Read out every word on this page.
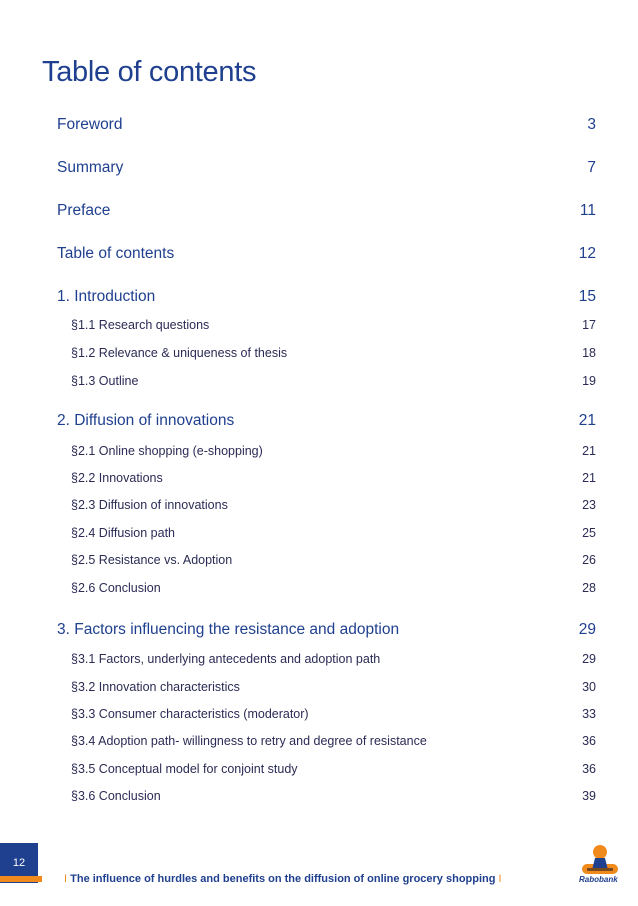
Table of contents
Foreword	3
Summary	7
Preface	11
Table of contents	12
1. Introduction	15
§1.1 Research questions	17
§1.2 Relevance & uniqueness of thesis	18
§1.3 Outline	19
2. Diffusion of innovations	21
§2.1 Online shopping (e-shopping)	21
§2.2 Innovations	21
§2.3 Diffusion of innovations	23
§2.4 Diffusion path	25
§2.5 Resistance vs. Adoption	26
§2.6 Conclusion	28
3. Factors influencing the resistance and adoption	29
§3.1 Factors, underlying antecedents and adoption path	29
§3.2 Innovation characteristics	30
§3.3 Consumer characteristics (moderator)	33
§3.4 Adoption path- willingness to retry and degree of resistance	36
§3.5 Conceptual model for conjoint study	36
§3.6 Conclusion	39
12
I The influence of hurdles and benefits on the diffusion of online grocery shopping I	Rabobank
